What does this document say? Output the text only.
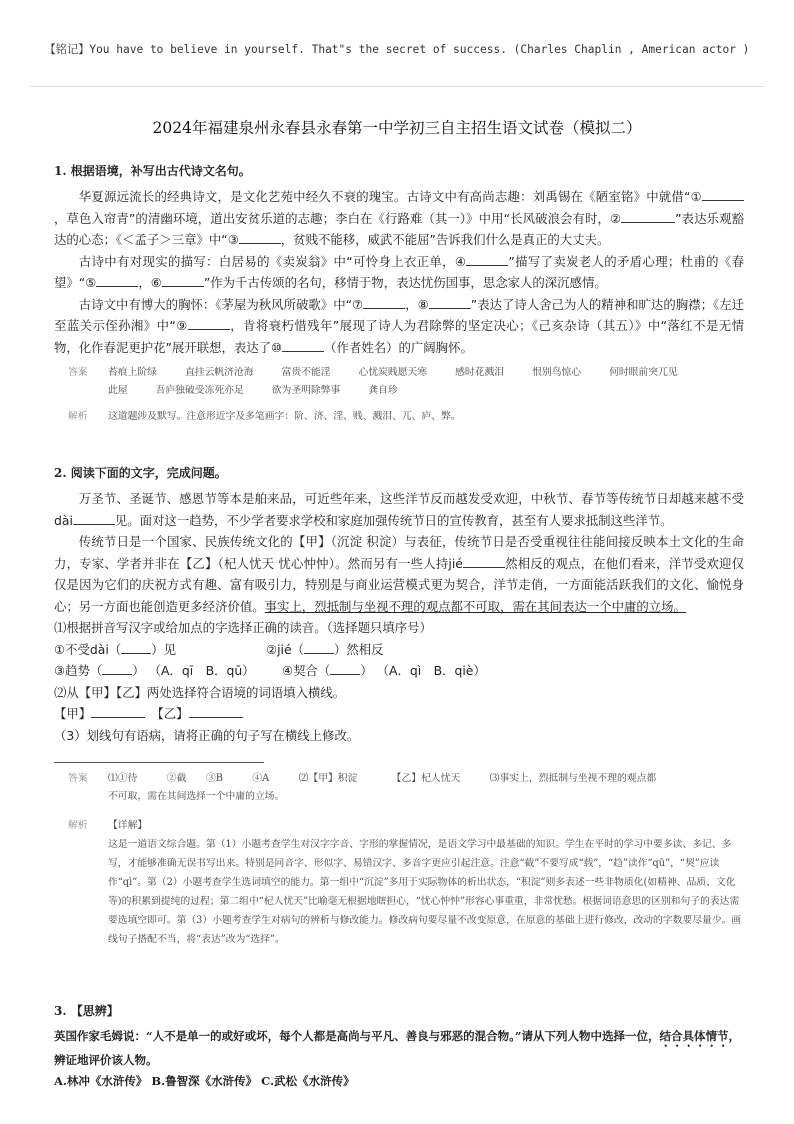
【铭记】You have to believe in yourself. That"s the secret of success. (Charles Chaplin , American actor )
2024年福建泉州永春县永春第一中学初三自主招生语文试卷（模拟二）
1. 根据语境，补写出古代诗文名句。

华夏源远流长的经典诗文，是文化艺苑中经久不衰的瑰宝。古诗文中有高尚志趣：刘禹锡在《陋室铭》中就借“①，草色入帘青”的清幽环境，道出安贫乐道的志趣；李白在《行路难（其一）》中用“长风破浪会有时，②	”表达乐观豁达的心态；《＜孟子＞三章》中“③	，贫贱不能移，威武不能屈”告诉我们什么是真正的大丈夫。

古诗中有对现实的描写：白居易的《卖炭翁》中“可怜身上衣正单，④	”描写了卖炭老人的矛盾心理；杜甫的《春望》“⑤	，⑥	”作为千古传颂的名句，移情于物，表达忧伤国事，思念家人的深沉感情。

古诗文中有博大的胸怀：《茅屋为秋风所破歌》中“⑦	，⑧	”表达了诗人舍己为人的精神和旷达的胸襟；《左迁至蓝关示侄孙湘》中“⑨	，肯将衰朽惜残年”展现了诗人为君除弊的坚定决心；《己亥杂诗（其五）》中“落红不是无情物，化作春泥更护花”展开联想，表达了⑩	（作者姓名）的广阔胸怀。

答案 苔痕上阶绿	直挂云帆济沧海	富贵不能淫	心忧炭贱愿天寒	感时花溅泪	恨别鸟惊心	何时眼前突兀见此屋	吾庐独破受冻死亦足	欲为圣明除弊事	龚自珍
解析 这道题涉及默写。注意形近字及多笔画字：阶、济、淫、贱、溅泪、兀、庐、弊。
2. 阅读下面的文字，完成问题。

万圣节、圣诞节、感恩节等本是舶来品，可近些年来，这些洋节反而越发受欢迎，中秋节、春节等传统节日却越来越不受dài	见。面对这一趋势，不少学者要求学校和家庭加强传统节日的宣传教育，甚至有人要求抵制这些洋节。

传统节日是一个国家、民族传统文化的【甲】（沉淀 积淀）与表征，传统节日是否受重视往往能间接反映本土文化的生命力，专家、学者并非在【乙】（杞人忧天 忧心忡忡）。然而另有一些人持jié	然相反的观点，在他们看来，洋节受欢迎仅仅是因为它们的庆祝方式有趣、富有吸引力，特别是与商业运营模式更为契合，洋节走俏，一方面能活跃我们的文化、愉悦身心；另一方面也能创造更多经济价值。事实上，烈抵制与坐视不理的观点都不可取，需在其间表达一个中庸的立场。

⑴根据拼音写汉字或给加点的字选择正确的读音。（选择题只填序号）

①不受dài（ ）见	②jié（ ）然相反

③趋势（ ） （A．qī　B．qū） ④契合（ ） （A．qì　B．qiè）

⑵从【甲】【乙】两处选择符合语境的词语填入横线。

【甲】　	【乙】

（3）划线句有语病，请将正确的句子写在横线上修改。

答案 ⑴①待　　　②截　　③B　　　④A　　　⑵【甲】积淀　　　　【乙】杞人忧天　　　⑶事实上，烈抵制与坐视不理的观点都
不可取，需在其间选择一个中庸的立场。
解析 【详解】
这是一道语文综合题。第（1）小题考查学生对汉字字音、字形的掌握情况，是语文学习中最基础的知识。学生在平时的学习中要多读、多记、多写，才能够准确无误书写出来。特别是同音字、形似字、易错汉字、多音字更应引起注意。注意“截”不要写成“载”，“趋”读作“qū”，“契”应读作“qì”。第（2）小题考查学生选词填空的能力。第一组中“沉淀”多用于实际物体的析出状态，“积淀”则多表述一些非物质化(如精神、品质、文化等)的积累到提纯的过程；第二组中“杞人忧天”比喻毫无根据地瞎担心，“忧心忡忡”形容心事重重，非常忧愁。根据词语意思的区别和句子的表达需要选填空即可。第（3）小题考查学生对病句的辨析与修改能力。修改病句要尽量不改变原意，在原意的基础上进行修改，改动的字数要尽量少。画线句子搭配不当，将“表达”改为“选择”。
3. 【思辨】
英国作家毛姆说：“人不是单一的或好或坏，每个人都是高尚与平凡、善良与邪恶的混合物。”请从下列人物中选择一位，结合具体情节，辨证地评价该人物。
A.林冲《水浒传》 B.鲁智深《水浒传》 C.武松《水浒传》
